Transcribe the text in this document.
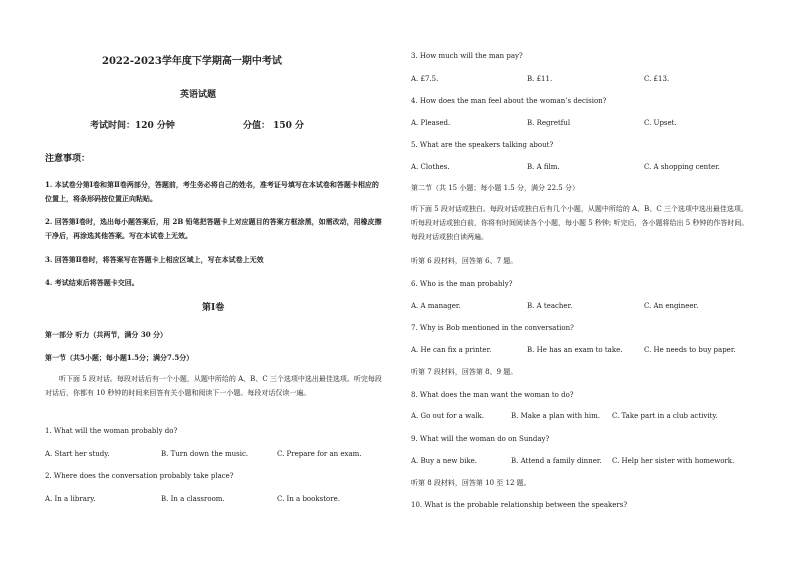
2022-2023学年度下学期高一期中考试
英语试题
考试时间：120 分钟	分值： 150 分
注意事项：
1. 本试卷分第Ⅰ卷和第Ⅱ卷两部分，答题前，考生务必将自己的姓名，准考证号填写在本试卷和答题卡相应的位置上，将条形码按位置正向粘贴。
2. 回答第Ⅰ卷时，选出每小题答案后，用 2B 铅笔把答题卡上对应题目的答案方框涂黑，如需改动，用橡皮擦干净后，再涂选其他答案。写在本试卷上无效。
3. 回答第Ⅱ卷时，将答案写在答题卡上相应区域上，写在本试卷上无效
4. 考试结束后将答题卡交回。
第Ⅰ卷
第一部分 听力（共两节，满分 30 分）
第一节（共5小题；每小题1.5分；满分7.5分）
听下面 5 段对话。每段对话后有一个小题，从题中所给的 A、B、C 三个选项中选出最佳选项。听完每段对话后，你都有 10 秒钟的时间来回答有关小题和阅读下一小题。每段对话仅读一遍。
1. What will the woman probably do?
A. Start her study.	B. Turn down the music.	C. Prepare for an exam.
2. Where does the conversation probably take place?
A. In a library.	B. In a classroom.	C. In a bookstore.
3. How much will the man pay?
A. £7.5.	B. £11.	C. £13.
4. How does the man feel about the woman’s decision?
A. Pleased.	B. Regretful	C. Upset.
5. What are the speakers talking about?
A. Clothes.	B. A film.	C. A shopping center.
第二节（共 15 小题；每小题 1.5 分，满分 22.5 分）
听下面 5 段对话或独白。每段对话或独白后有几个小题，从题中所给的 A、B、C 三个选项中选出最佳选项。听每段对话或独白前，你将有时间阅读各个小题，每小题 5 秒钟; 听完后，各小题将给出 5 秒钟的作答时间。每段对话或独白读两遍。
听第 6 段材料，回答第 6、7 题。
6. Who is the man probably?
A. A manager.	B. A teacher.	C. An engineer.
7. Why is Bob mentioned in the conversation?
A. He can fix a printer.	B. He has an exam to take.	C. He needs to buy paper.
听第 7 段材料，回答第 8、9 题。
8. What does the man want the woman to do?
A. Go out for a walk.	B. Make a plan with him. C. Take part in a club activity.
9. What will the woman do on Sunday?
A. Buy a new bike.	B. Attend a family dinner. C. Help her sister with homework.
听第 8 段材料，回答第 10 至 12 题。
10. What is the probable relationship between the speakers?
